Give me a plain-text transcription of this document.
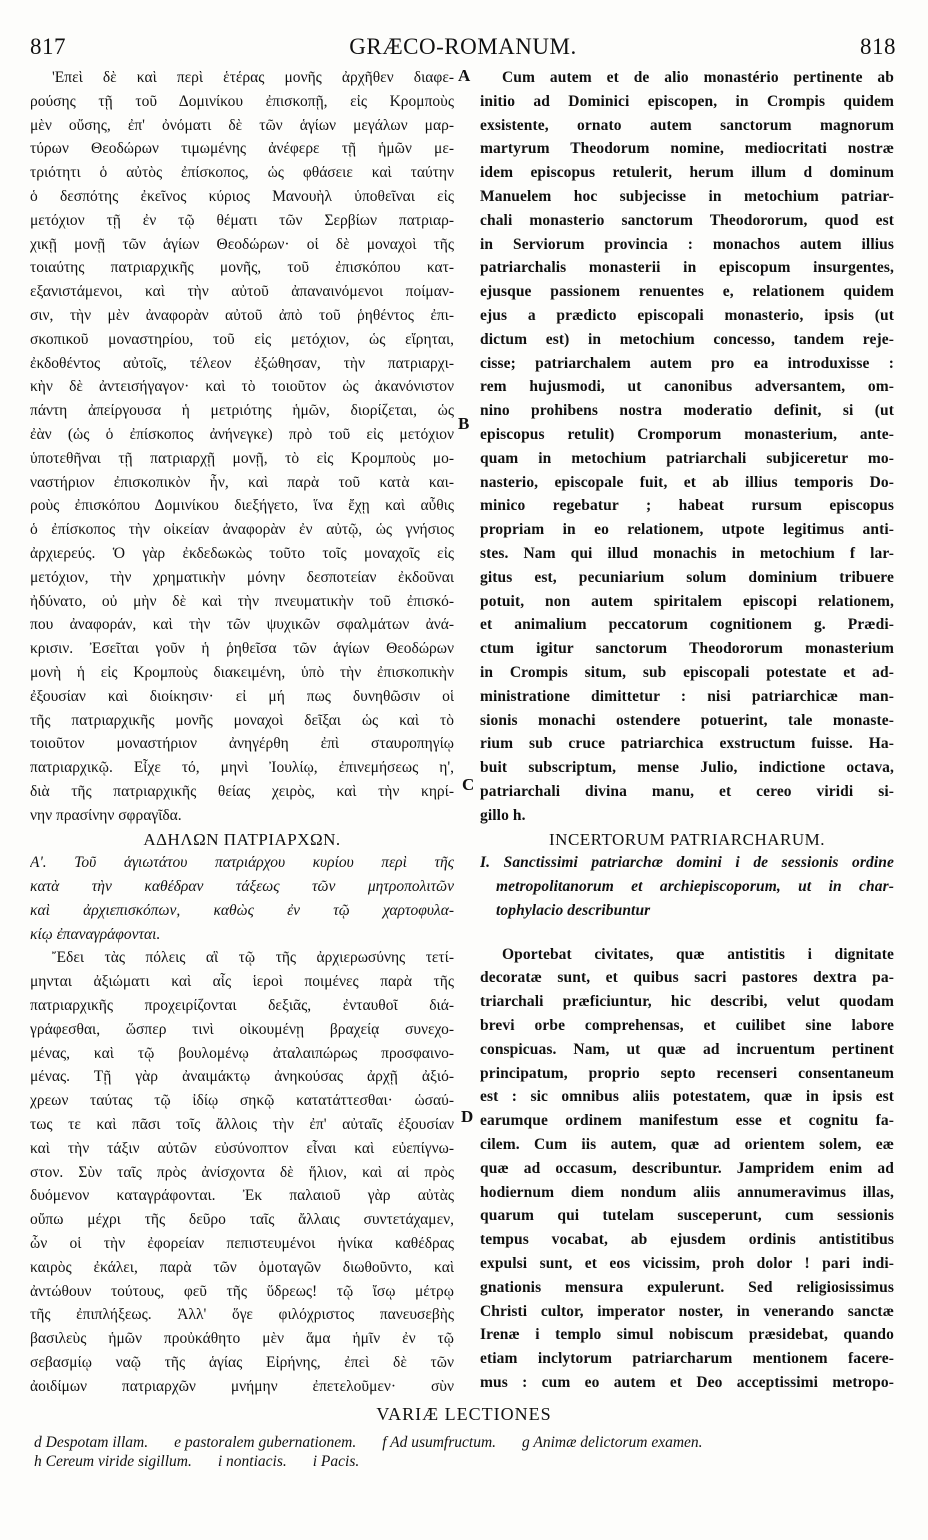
817	GRÆCO-ROMANUM.	818
'Επεὶ δὲ καὶ περὶ ἑτέρας μονῆς ἀρχῆθεν διαφε-
ρούσης τῇ τοῦ Δομινίκου ἐπισκοπῇ, εἰς Κρομποὺς
μὲν οὔσης, ἐπ' ὀνόματι δὲ τῶν ἁγίων μεγάλων μαρ-
τύρων Θεοδώρων τιμωμένης ἀνέφερε τῇ ἡμῶν με-
τριότητι ὁ αὐτὸς ἐπίσκοπος, ὡς φθάσειε καὶ ταύτην
ὁ δεσπότης ἐκεῖνος κύριος Μανουὴλ ὑποθεῖναι εἰς
μετόχιον τῇ ἐν τῷ θέματι τῶν Σερβίων πατριαρ-
χικῇ μονῇ τῶν ἁγίων Θεοδώρων· οἱ δὲ μοναχοὶ τῆς
τοιαύτης πατριαρχικῆς μονῆς, τοῦ ἐπισκόπου κατ-
εξανιστάμενοι, καὶ τὴν αὐτοῦ ἀπαναινόμενοι ποίμαν-
σιν, τὴν μὲν ἀναφορὰν αὐτοῦ ἀπὸ τοῦ ῥηθέντος ἐπι-
σκοπικοῦ μοναστηρίου, τοῦ εἰς μετόχιον, ὡς εἴρηται,
ἐκδοθέντος αὐτοῖς, τέλεον ἐξώθησαν, τὴν πατριαρχι-
κὴν δὲ ἀντεισήγαγον· καὶ τὸ τοιοῦτον ὡς ἀκανόνιστον
πάντη ἀπείργουσα ἡ μετριότης ἡμῶν, διορίζεται, ὡς
ἐὰν (ὡς ὁ ἐπίσκοπος ἀνήνεγκε) πρὸ τοῦ εἰς μετόχιον
ὑποτεθῆναι τῇ πατριαρχῇ μονῇ, τὸ εἰς Κρομποὺς μο-
ναστήριον ἐπισκοπικὸν ἦν, καὶ παρὰ τοῦ κατὰ και-
ροὺς ἐπισκόπου Δομινίκου διεξήγετο, ἵνα ἔχῃ καὶ αὖθις
ὁ ἐπίσκοπος τὴν οἰκείαν ἀναφορὰν ἐν αὐτῷ, ὡς γνήσιος
ἀρχιερεύς. Ὁ γὰρ ἐκδεδωκὼς τοῦτο τοῖς μοναχοῖς εἰς
μετόχιον, τὴν χρηματικὴν μόνην δεσποτείαν ἐκδοῦναι
ἠδύνατο, οὐ μὴν δὲ καὶ τὴν πνευματικὴν τοῦ ἐπισκό-
που ἀναφοράν, καὶ τὴν τῶν ψυχικῶν σφαλμάτων ἀνά-
κρισιν. Ἐσεῖται γοῦν ἡ ῥηθεῖσα τῶν ἁγίων Θεοδώρων
μονὴ ἡ εἰς Κρομποὺς διακειμένη, ὑπὸ τὴν ἐπισκοπικὴν
ἐξουσίαν καὶ διοίκησιν· εἰ μή πως δυνηθῶσιν οἱ
τῆς πατριαρχικῆς μονῆς μοναχοὶ δεῖξαι ὡς καὶ τὸ
τοιοῦτον μοναστήριον ἀνηγέρθη ἐπὶ σταυροπηγίῳ
πατριαρχικῷ. Εἶχε τό, μηνὶ Ἰουλίῳ, ἐπινεμήσεως η',
διὰ τῆς πατριαρχικῆς θείας χειρὸς, καὶ τὴν κηρί-
νην πρασίνην σφραγῖδα.
ΑΔΗΛΩΝ ΠΑΤΡΙΑΡΧΩΝ.
Α'. Τοῦ ἁγιωτάτου πατριάρχου κυρίου περὶ τῆς
κατὰ τὴν καθέδραν τάξεως τῶν μητροπολιτῶν
καὶ ἀρχιεπισκόπων, καθὼς ἐν τῷ χαρτοφυλα-
κίῳ ἐπαναγράφονται.
Ἔδει τὰς πόλεις αἳ τῷ τῆς ἀρχιερωσύνης τετί-
μηνται ἀξιώματι καὶ αἷς ἱεροὶ ποιμένες παρὰ τῆς
πατριαρχικῆς προχειρίζονται δεξιᾶς, ἐνταυθοῖ διά-
γράφεσθαι, ὥσπερ τινὶ οἰκουμένῃ βραχείᾳ συνεχο-
μένας, καὶ τῷ βουλομένῳ ἀταλαιπώρως προσφαινο-
μένας. Τῇ γὰρ ἀναιμάκτῳ ἀνηκούσας ἀρχῇ ἀξιό-
χρεων ταύτας τῷ ἰδίῳ σηκῷ κατατάττεσθαι· ὡσαύ-
τως τε καὶ πᾶσι τοῖς ἄλλοις τὴν ἐπ' αὐταῖς ἐξουσίαν
καὶ τὴν τάξιν αὐτῶν εὐσύνοπτον εἶναι καὶ εὐεπίγνω-
στον. Σὺν ταῖς πρὸς ἀνίσχοντα δὲ ἥλιον, καὶ αἱ πρὸς
δυόμενον καταγράφονται. Ἐκ παλαιοῦ γὰρ αὐτὰς
οὔπω μέχρι τῆς δεῦρο ταῖς ἄλλαις συντετάχαμεν,
ὧν οἱ τὴν ἐφορείαν πεπιστευμένοι ἡνίκα καθέδρας
καιρὸς ἐκάλει, παρὰ τῶν ὁμοταγῶν διωθοῦντο, καὶ
ἀντώθουν τούτους, φεῦ τῆς ὕδρεως! τῷ ἴσῳ μέτρῳ
τῆς ἐπιπλήξεως. Ἀλλ' ὅγε φιλόχριστος πανευσεβὴς
βασιλεὺς ἡμῶν προὐκάθητο μὲν ἅμα ἡμῖν ἐν τῷ
σεβασμίῳ ναῷ τῆς ἁγίας Εἰρήνης, ἐπεὶ δὲ τῶν
ἀοιδίμων πατριαρχῶν μνήμην ἐπετελοῦμεν· σὺν
Cum autem et de alio monastério pertinente ab
initio ad Dominici episcopen, in Crompis quidem
exsistente, ornato autem sanctorum magnorum
martyrum Theodorum nomine, mediocritati nostræ
idem episcopus retulerit, herum illum d dominum
Manuelem hoc subjecisse in metochium patriar-
chali monasterio sanctorum Theodororum, quod est
in Serviorum provincia : monachos autem illius
patriarchalis monasterii in episcopum insurgentes,
ejusque passionem renuentes e, relationem quidem
ejus a prædicto episcopali monasterio, ipsis (ut
dictum est) in metochium concesso, tandem reje-
cisse; patriarchalem autem pro ea introduxisse :
rem hujusmodi, ut canonibus adversantem, om-
nino prohibens nostra moderatio definit, si (ut
episcopus retulit) Cromporum monasterium, ante-
quam in metochium patriarchali subjiceretur mo-
nasterio, episcopale fuit, et ab illius temporis Do-
minico regebatur ; habeat rursum episcopus
propriam in eo relationem, utpote legitimus anti-
stes. Nam qui illud monachis in metochium f lar-
gitus est, pecuniarium solum dominium tribuere
potuit, non autem spiritalem episcopi relationem,
et animalium peccatorum cognitionem g. Prædi-
ctum igitur sanctorum Theodororum monasterium
in Crompis situm, sub episcopali potestate et ad-
ministratione dimittetur : nisi patriarchicæ man-
sionis monachi ostendere potuerint, tale monaste-
rium sub cruce patriarchica exstructum fuisse. Ha-
buit subscriptum, mense Julio, indictione octava,
patriarchali divina manu, et cereo viridi si-
gillo h.
INCERTORUM PATRIARCHARUM.
I. Sanctissimi patriarchæ domini i de sessionis ordine
metropolitanorum et archiepiscoporum, ut in char-
tophylacio describuntur
Oportebat civitates, quæ antistitis i dignitate
decoratæ sunt, et quibus sacri pastores dextra pa-
triarchali præficiuntur, hic describi, velut quodam
brevi orbe comprehensas, et cuilibet sine labore
conspicuas. Nam, ut quæ ad incruentum pertinent
principatum, proprio septo recenseri consentaneum
est : sic omnibus aliis potestatem, quæ in ipsis est
earumque ordinem manifestum esse et cognitu fa-
cilem. Cum iis autem, quæ ad orientem solem, eæ
quæ ad occasum, describuntur. Jampridem enim ad
hodiernum diem nondum aliis annumeravimus illas,
quarum qui tutelam susceperunt, cum sessionis
tempus vocabat, ab ejusdem ordinis antistitibus
expulsi sunt, et eos vicissim, proh dolor ! pari indi-
gnationis mensura expulerunt. Sed religiosissimus
Christi cultor, imperator noster, in venerando sanctæ
Irenæ i templo simul nobiscum præsidebat, quando
etiam inclytorum patriarcharum mentionem facere-
mus : cum eo autem et Deo acceptissimi metropo-
A
B
C
D
VARIÆ LECTIONES
d Despotam illam. e pastoralem gubernationem. f Ad usumfructum. g Animæ delictorum examen.
h Cereum viride sigillum. i nontiacis. i Pacis.
